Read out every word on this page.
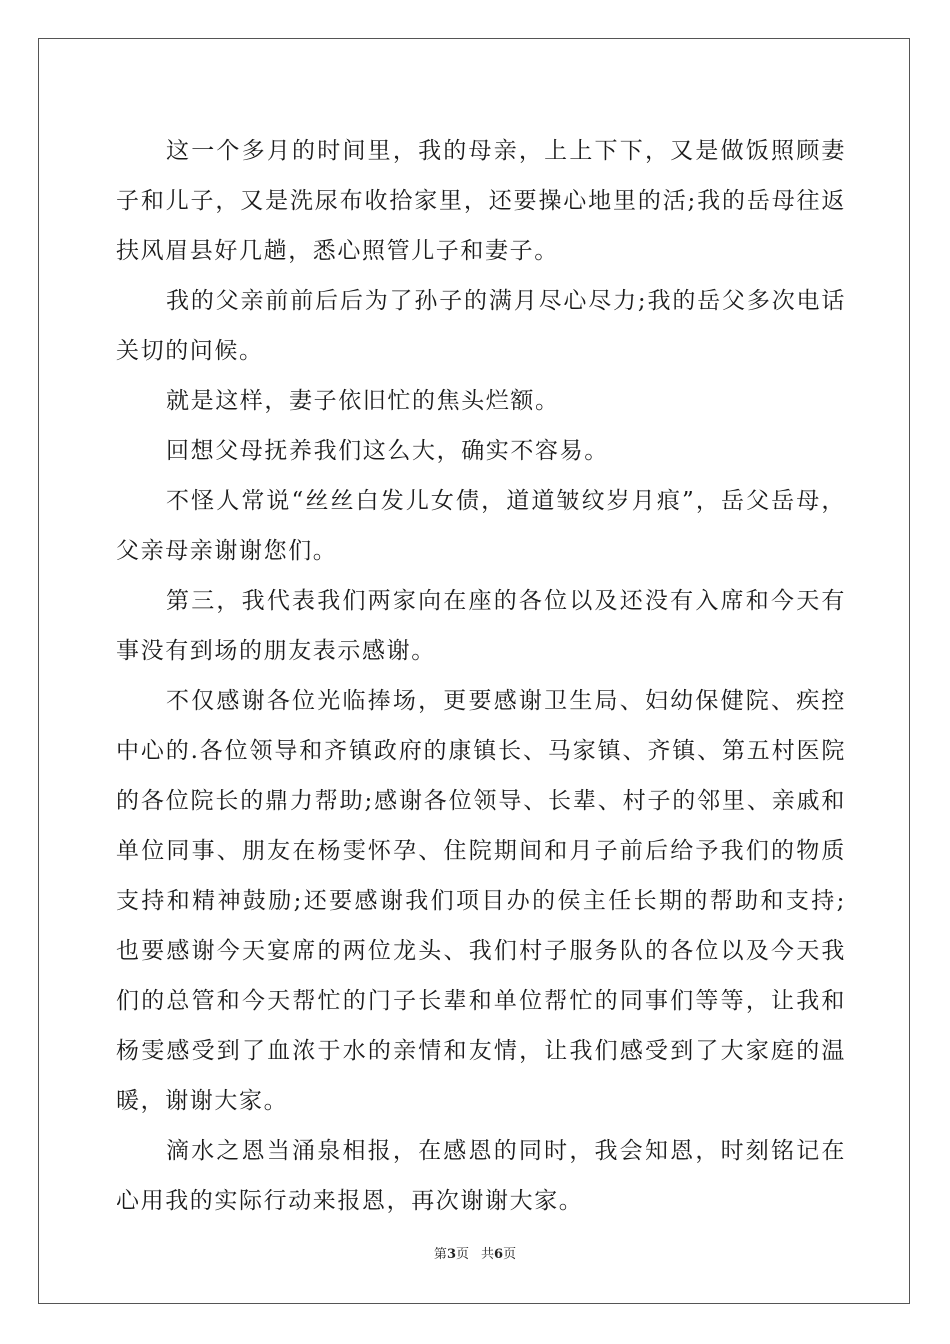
这一个多月的时间里，我的母亲，上上下下，又是做饭照顾妻子和儿子，又是洗尿布收拾家里，还要操心地里的活;我的岳母往返扶风眉县好几趟，悉心照管儿子和妻子。

我的父亲前前后后为了孙子的满月尽心尽力;我的岳父多次电话关切的问候。

就是这样，妻子依旧忙的焦头烂额。

回想父母抚养我们这么大，确实不容易。

不怪人常说“丝丝白发儿女债，道道皱纹岁月痕”，岳父岳母，父亲母亲谢谢您们。

第三，我代表我们两家向在座的各位以及还没有入席和今天有事没有到场的朋友表示感谢。

不仅感谢各位光临捧场，更要感谢卫生局、妇幼保健院、疾控中心的.各位领导和齐镇政府的康镇长、马家镇、齐镇、第五村医院的各位院长的鼎力帮助;感谢各位领导、长辈、村子的邻里、亲戚和单位同事、朋友在杨雯怀孕、住院期间和月子前后给予我们的物质支持和精神鼓励;还要感谢我们项目办的侯主任长期的帮助和支持;也要感谢今天宴席的两位龙头、我们村子服务队的各位以及今天我们的总管和今天帮忙的门子长辈和单位帮忙的同事们等等，让我和杨雯感受到了血浓于水的亲情和友情，让我们感受到了大家庭的温暖，谢谢大家。

滴水之恩当涌泉相报，在感恩的同时，我会知恩，时刻铭记在心用我的实际行动来报恩，再次谢谢大家。

第3页 共6页
